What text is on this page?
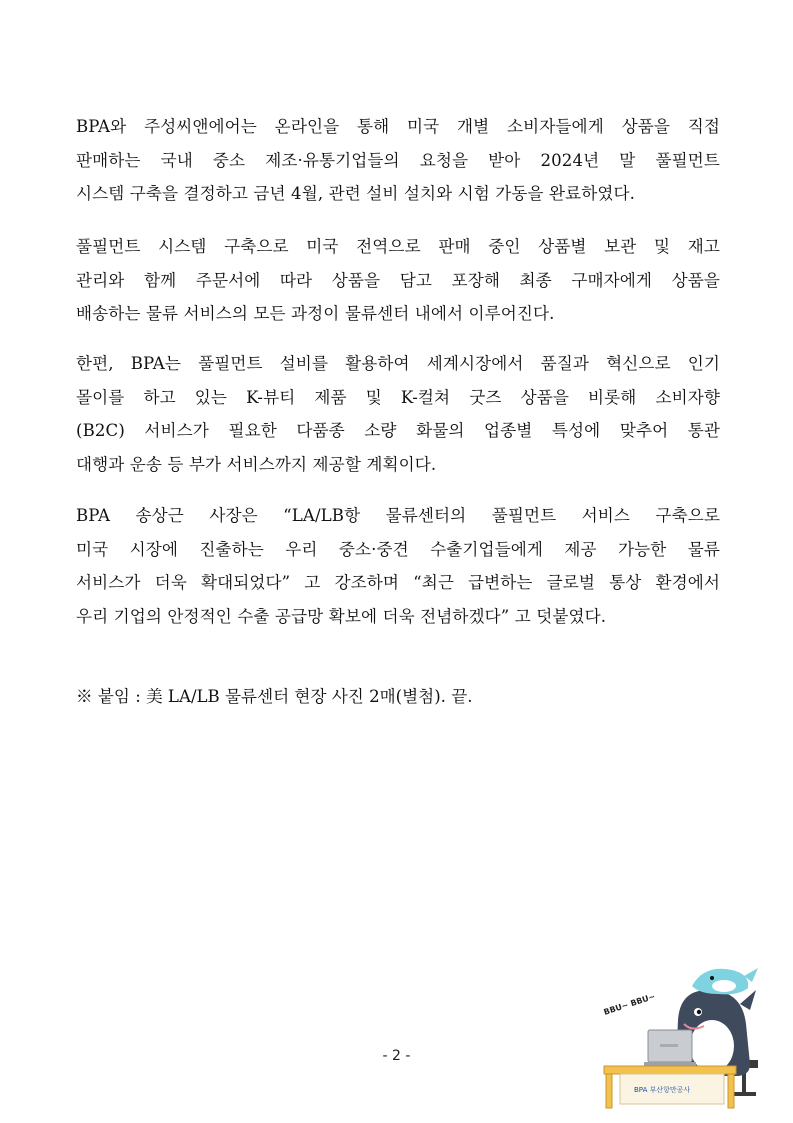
BPA와 주성씨앤에어는 온라인을 통해 미국 개별 소비자들에게 상품을 직접
판매하는 국내 중소 제조·유통기업들의 요청을 받아 2024년 말 풀필먼트
시스템 구축을 결정하고 금년 4월, 관련 설비 설치와 시험 가동을 완료하였다.
풀필먼트 시스템 구축으로 미국 전역으로 판매 중인 상품별 보관 및 재고
관리와 함께 주문서에 따라 상품을 담고 포장해 최종 구매자에게 상품을
배송하는 물류 서비스의 모든 과정이 물류센터 내에서 이루어진다.
한편, BPA는 풀필먼트 설비를 활용하여 세계시장에서 품질과 혁신으로 인기
몰이를 하고 있는 K-뷰티 제품 및 K-컬쳐 굿즈 상품을 비롯해 소비자향
(B2C) 서비스가 필요한 다품종 소량 화물의 업종별 특성에 맞추어 통관
대행과 운송 등 부가 서비스까지 제공할 계획이다.
BPA 송상근 사장은 “LA/LB항 물류센터의 풀필먼트 서비스 구축으로
미국 시장에 진출하는 우리 중소·중견 수출기업들에게 제공 가능한 물류
서비스가 더욱 확대되었다” 고 강조하며 “최근 급변하는 글로벌 통상 환경에서
우리 기업의 안정적인 수출 공급망 확보에 더욱 전념하겠다” 고 덧붙였다.
※ 붙임 : 美 LA/LB 물류센터 현장 사진 2매(별첨). 끝.
- 2 -
BPA 부산항만공사
BBU~ BBU~
